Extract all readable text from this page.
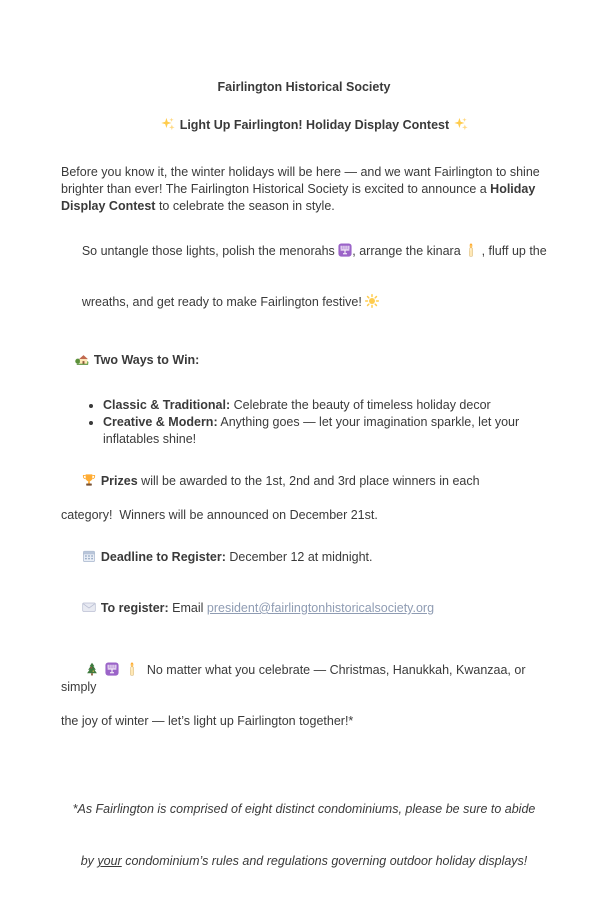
Fairlington Historical Society

Light Up Fairlington! Holiday Display Contest

Before you know it, the winter holidays will be here — and we want Fairlington to shine
brighter than ever! The Fairlington Historical Society is excited to announce a Holiday
Display Contest to celebrate the season in style.

So untangle those lights, polish the menorahs
, arrange the kinara
, fluff up the

wreaths, and get ready to make Fairlington festive!

Two Ways to Win:

• Classic & Traditional: Celebrate the beauty of timeless holiday decor
• Creative & Modern: Anything goes — let your imagination sparkle, let your
inflatables shine!

Prizes will be awarded to the 1st, 2nd and 3rd place winners in each

category!  Winners will be announced on December 21st.

Deadline to Register: December 12 at midnight.

To register: Email president@fairlingtonhistoricalsociety.org

No matter what you celebrate — Christmas, Hanukkah, Kwanzaa, or simply

the joy of winter — let’s light up Fairlington together!*

*As Fairlington is comprised of eight distinct condominiums, please be sure to abide

by your condominium’s rules and regulations governing outdoor holiday displays!
